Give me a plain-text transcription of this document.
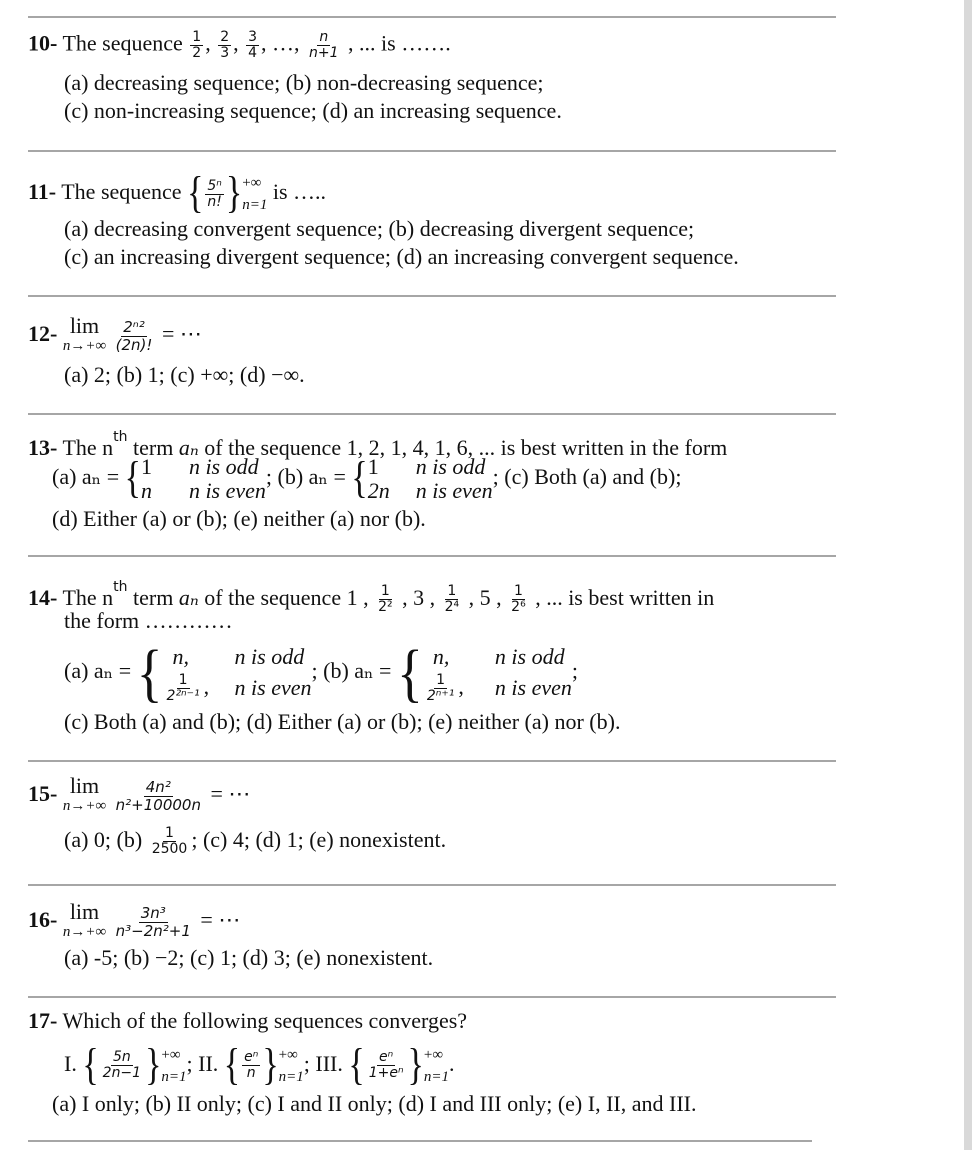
10- The sequence $\frac{1}{2}$ , $\frac{2}{3}$ , $\frac{3}{4}$ , …, $\frac{n}{n+1}$ , ... is …….
(a) decreasing sequence; (b) non-decreasing sequence;
(c) non-increasing sequence; (d) an increasing sequence.
11- The sequence { $\frac{\text{5ⁿ}}{n!}$ } +∞
n=1
is …..
(a) decreasing convergent sequence; (b) decreasing divergent sequence;
(c) an increasing divergent sequence; (d) an increasing convergent sequence.
12- lim
n→+∞
$\frac{\text{2ⁿ²}}{(2n)!}$ = ⋯
(a) 2; (b) 1; (c) +∞; (d) −∞.
13- The $n^{th}$ term aₙ of the sequence 1, 2, 1, 4, 1, 6, ... is best written in the form
(a) aₙ = { 1	n is odd
n	n is even
; (b) aₙ = { 1	n is odd
2n	n is even
; (c) Both (a) and (b);
(d) Either (a) or (b); (e) neither (a) nor (b).
14- The $n^{th}$ term aₙ of the sequence 1 , $\frac{1}{\text{2²}}$ , 3 , $\frac{1}{\text{2⁴}}$ , 5 , $\frac{1}{\text{2⁶}}$ , ... is best written in
the form …………
(a) aₙ = { n,	n is odd
$\frac{1}{\text{2²ⁿ⁻¹}}$ ,	n is even
; (b) aₙ = { n,	n is odd
$\frac{1}{\text{2ⁿ⁺¹}}$ ,	n is even
;
(c) Both (a) and (b); (d) Either (a) or (b); (e) neither (a) nor (b).
15- lim
n→+∞
$\frac{\text{4n²}}{\text{n²+10000n}}$ = ⋯
(a) 0; $(b) \frac{1}{2500}$ ; (c) 4; (d) 1; (e) nonexistent.
16- lim
n→+∞
$\frac{\text{3n³}}{\text{n³−2n²+1}}$ = ⋯
(a) -5; (b) −2; (c) 1; (d) 3; (e) nonexistent.
17- Which of the following sequences converges?
I. { $\frac{5n}{2n-1}$ } +∞
n=1
; II. { $\frac{\text{eⁿ}}{n}$ } +∞
n=1
; III. { $\frac{\text{eⁿ}}{\text{1+eⁿ}}$ } +∞
n=1
.
(a) I only; (b) II only; (c) I and II only; (d) I and III only; (e) I, II, and III.
